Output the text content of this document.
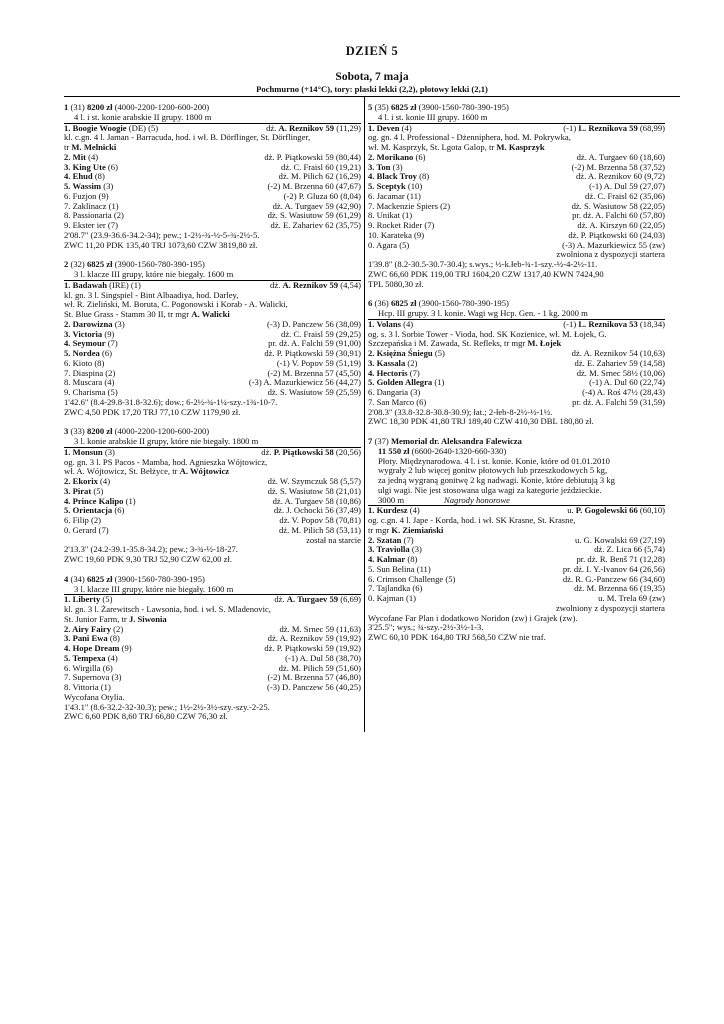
DZIEŃ 5
Sobota, 7 maja
Pochmurno (+14°C), tory: płaski lekki (2,2), płotowy lekki (2,1)
1 (31) 8200 zł (4000-2200-1200-600-200)
4 l. i st. konie arabskie II grupy. 1800 m
1. Boogie Woogie (DE) (5)	dż. A. Reznikov 59 (11,29)
kl. c.gn. 4 l. Jaman - Barracuda, hod. i wł. B. Dörflinger, St. Dörflinger,
tr M. Melnicki
2. Mit (4)	dż. P. Piątkowski 59 (80,44)
3. King Ute (6)	dż. C. Fraisl 60 (19,21)
4. Ehud (8)	dż. M. Pilich 62 (16,29)
5. Wassim (3)	(-2) M. Brzenna 60 (47,67)
6. Fuzjon (9)	(-2) P. Gluza 60 (8,04)
7. Zaklinacz (1)	dż. A. Turgaev 59 (42,90)
8. Passionaria (2)	dż. S. Wasiutow 59 (61,29)
9. Ekster ier (7)	dż. E. Zahariev 62 (35,75)
2'08.7" (23.9-36.6-34.2-34); pew.; 1-2½-¾-½-5-¾-2½-5.
ZWC 11,20 PDK 135,40 TRJ 1073,60 CZW 3819,80 zł.
2 (32) 6825 zł (3900-1560-780-390-195)
3 l. klacze III grupy, które nie biegały. 1600 m
1. Badawah (IRE) (1)	dż. A. Reznikov 59 (4,54)
kl. gn. 3 l. Singspiel - Bint Albaadiya, hod. Darley,
wł. R. Zieliński, M. Boruta, C. Pogonowski i Korab - A. Walicki,
St. Blue Grass - Stamm 30 II, tr mgr A. Walicki
2. Darowizna (3)	(-3) D. Panczew 56 (38,09)
3. Victoria (9)	dż. C. Fraisl 59 (29,25)
4. Seymour (7)	pr. dż. A. Falchi 59 (91,00)
5. Nordea (6)	dż. P. Piątkowski 59 (30,91)
6. Kioto (8)	(-1) V. Popov 59 (51,19)
7. Diaspina (2)	(-2) M. Brzenna 57 (45,50)
8. Muscara (4)	(-3) A. Mazurkiewicz 56 (44,27)
9. Charisma (5)	dż. S. Wasiutow 59 (25,59)
1'42.6" (8.4-29.8-31.8-32.6); dow.; 6-2½-¾-1¼-szy.-1¾-10-7.
ZWC 4,50 PDK 17,20 TRJ 77,10 CZW 1179,90 zł.
3 (33) 8200 zł (4000-2200-1200-600-200)
3 l. konie arabskie II grupy, które nie biegały. 1800 m
1. Monsun (3)	dż. P. Piątkowski 58 (20,56)
og. gn. 3 l. PS Pacos - Mamba, hod. Agnieszka Wójtowicz,
wł. A. Wójtowicz, St. Bełżyce, tr A. Wójtowicz
2. Ekorix (4)	dż. W. Szymczuk 58 (5,57)
3. Pirat (5)	dż. S. Wasiutow 58 (21,01)
4. Prince Kalipo (1)	dż. A. Turgaev 58 (10,86)
5. Orientacja (6)	dż. J. Ochocki 56 (37,49)
6. Filip (2)	dż. V. Popov 58 (70,81)
0. Gerard (7)	dż. M. Pilich 58 (53,11)
został na starcie
2'13.3" (24.2-39.1-35.8-34.2); pew.; 3-¾-½-18-27.
ZWC 19,60 PDK 9,30 TRJ 52,90 CZW 62,00 zł.
4 (34) 6825 zł (3900-1560-780-390-195)
3 l. klacze III grupy, które nie biegały. 1600 m
1. Liberty (5)	dż. A. Turgaev 59 (6,69)
kl. gn. 3 l. Żarewitsch - Lawsonia, hod. i wł. S. Mladenovic,
St. Junior Farm, tr J. Siwonia
2. Airy Fairy (2)	dż. M. Srnec 59 (11,63)
3. Pani Ewa (8)	dż. A. Reznikov 59 (19,92)
4. Hope Dream (9)	dż. P. Piątkowski 59 (19,92)
5. Tempexa (4)	(-1) A. Dul 58 (38,70)
6. Wirgilla (6)	dż. M. Pilich 59 (51,60)
7. Supernova (3)	(-2) M. Brzenna 57 (46,80)
8. Vittoria (1)	(-3) D. Panczew 56 (40,25)
Wycofana Otylia.
1'43.1" (8.6-32.2-32-30.3); pew.; 1½-2½-3½-szy.-szy.-2-25.
ZWC 6,60 PDK 8,60 TRJ 66,80 CZW 76,30 zł.
5 (35) 6825 zł (3900-1560-780-390-195)
4 l. i st. konie III grupy. 1600 m
1. Deven (4)	(-1) L. Reznikova 59 (68,99)
og. gn. 4 l. Professional - Dżenniphera, hod. M. Pokrywka,
wł. M. Kasprzyk, St. Lgota Galop, tr M. Kasprzyk
2. Morikano (6)	dż. A. Turgaev 60 (18,60)
3. Ton (3)	(-2) M. Brzenna 58 (37,52)
4. Black Troy (8)	dż. A. Reznikov 60 (9,72)
5. Sceptyk (10)	(-1) A. Dul 59 (27,07)
6. Jacamar (11)	dż. C. Fraisl 62 (35,06)
7. Mackenzie Spiers (2)	dż. S. Wasiutow 58 (22,05)
8. Unikat (1)	pr. dż. A. Falchi 60 (57,80)
9. Rocket Rider (7)	dż. A. Kirszyn 60 (22,05)
10. Karateka (9)	dż. P. Piątkowski 60 (24,03)
0. Agara (5)	(-3) A. Mazurkiewicz 55 (zw)
zwolniona z dyspozycji startera
1'39.8" (8.2-30.5-30.7-30.4); s.wys.; ½-k.łeb-¾-1-szy.-½-4-2½-11.
ZWC 66,60 PDK 119,00 TRJ 1604,20 CZW 1317,40 KWN 7424,90
TPL 5080,30 zł.
6 (36) 6825 zł (3900-1560-780-390-195)
Hcp. III grupy. 3 l. konie. Wagi wg Hcp. Gen. - 1 kg. 2000 m
1. Volans (4)	(-1) L. Reznikova 53 (18,34)
og. s. 3 l. Sorbie Tower - Vioda, hod. SK Kozienice, wł. M. Łojek, G.
Szczepańska i M. Zawada, St. Refleks, tr mgr M. Łojek
2. Księżna Śniegu (5)	dż. A. Reznikov 54 (10,63)
3. Kassala (2)	dż. E. Zahariev 59 (14,58)
4. Hectoris (7)	dż. M. Srnec 58½ (10,06)
5. Golden Allegra (1)	(-1) A. Dul 60 (22,74)
6. Dangaria (3)	(-4) A. Roś 47½ (28,43)
7. San Marco (6)	pr. dż. A. Falchi 59 (31,59)
2'08.3" (33.8-32.8-30.8-30.9); łat.; 2-łeb-8-2½-½-1½.
ZWC 18,30 PDK 41,80 TRJ 189,40 CZW 410,30 DBL 180,80 zł.
7 (37) Memoriał dr. Aleksandra Falewicza
11 550 zł (6600-2640-1320-660-330)
Płoty. Międzynarodowa. 4 l. i st. konie. Konie, które od 01.01.2010
wygrały 2 lub więcej gonitw płotowych lub przeszkodowych 5 kg,
za jedną wygraną gonitwę 2 kg nadwagi. Konie, które debiutują 3 kg
ulgi wagi. Nie jest stosowana ulga wagi za kategorie jeździeckie.
3000 m	Nagrody honorowe
1. Kurdesz (4)	u. P. Gogolewski 66 (60,10)
og. c.gn. 4 l. Jape - Korda, hod. i wł. SK Krasne, St. Krasne,
tr mgr K. Ziemiański
2. Szatan (7)	u. G. Kowalski 69 (27,19)
3. Traviolla (3)	dż. Z. Lica 66 (5,74)
4. Kalmar (8)	pr. dż. R. Benš 71 (12,28)
5. Sun Belina (11)	pr. dż. I. Y.-Ivanov 64 (26,56)
6. Crimson Challenge (5)	dż. R. G.-Panczew 66 (34,60)
7. Tajlandka (6)	dż. M. Brzenna 66 (19,35)
0. Kajman (1)	u. M. Trela 69 (zw)
zwolniony z dyspozycji startera
Wycofane Far Plan i dodatkowo Noridon (zw) i Grajek (zw).
3'25.5"; wys.; ¾-szy.-2½-3½-1-3.
ZWC 60,10 PDK 164,80 TRJ 568,50 CZW nie traf.
